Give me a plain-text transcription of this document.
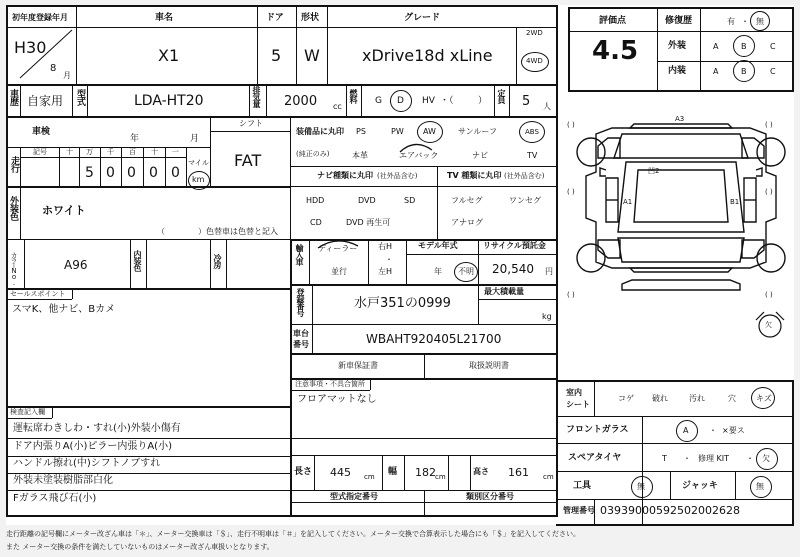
初年度登録年月	車名	ドア 形状	グレード
H30
8
月
X1	5 W	xDrive18d xLine
2WD
4WD
車歴 自家用 型式	LDA-HT20	排気量 2000 cc
燃料 G D HV ・（	） 定員 5 人
車検
年	月
シフト
FAT
走行
記号	十 万 千 百 十 一
5 0 0 0 0
マイル
km
装備品に丸印
(純正のみ)
PS	PW AW	サンルーフ	ABS
本革	エアバック	ナビ	TV
ナビ種類に丸印 (社外品含む)
HDD	DVD	SD
CD	DVD 再生可
TV 種類に丸印 (社外品含む)
フルセグ	ワンセグ
アナログ
外装色 ホワイト
（	）色替車は色替と記入
カラーNo.	A96	内装色	冷房	輸入車 ディーラー
並行
右H
・
左H
モデル年式
年 不明
リサイクル預託金
20,540 円
登録番号	水戸351の0999
最大積載量
kg
車台
番号	WBAHT920405L21700
新車保証書	取扱説明書
注意事項・不具合箇所
フロアマットなし
セールスポイント
スマK、他ナビ、Bカメ
検査記入欄
運転席わきしわ・すれ(小)外装小傷有
ドア内張りA(小)ピラー内張りA(小)
ハンドル擦れ(中)シフトノブすれ
外装未塗装樹脂部白化
Fガラス飛び石(小)
長さ 445 cm 幅 182 cm
高さ 161 cm
型式指定番号	類別区分番号
評価点
4.5
修復歴	有 ・ 無
外装	A	B	C
内装	A	B	C
A3
凹2
A1	B1
( )	( )
( )	( )
( )	( )
欠
室内
シート
コゲ 破れ	汚れ	穴	キズ
フロントガラス	A	・ ×要ス
スペアタイヤ	T ・ 修理 KIT ・ 欠
工具	無	ジャッキ	無
管理番号 03939000592502002628
走行距離の記号欄にメーター改ざん車は「＊」、メーター交換車は「＄」、走行不明車は「＃」を記入してください。メーター交換で合算表示した場合にも「＄」を記入してください。
また メーター交換の条件を満たしていないものはメーター改ざん車扱いとなります。
